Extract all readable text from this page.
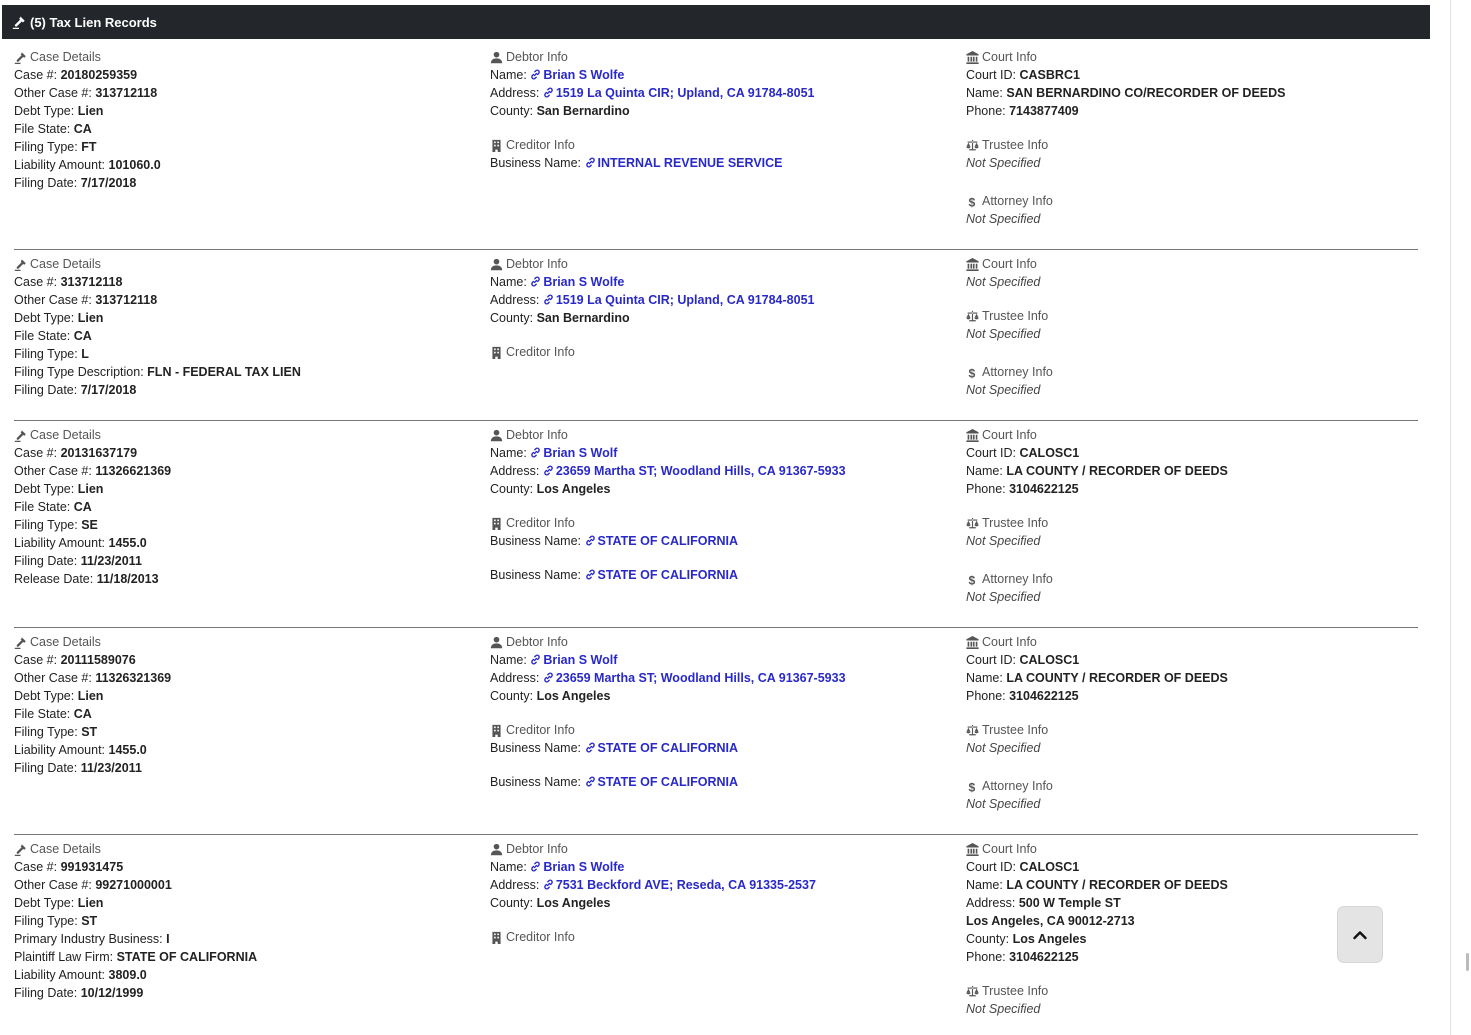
(5) Tax Lien Records
Case Details
Case #: 20180259359
Other Case #: 313712118
Debt Type: Lien
File State: CA
Filing Type: FT
Liability Amount: 101060.0
Filing Date: 7/17/2018
Debtor Info
Name: Brian S Wolfe
Address: 1519 La Quinta CIR; Upland, CA 91784-8051
County: San Bernardino
Creditor Info
Business Name: INTERNAL REVENUE SERVICE
Court Info
Court ID: CASBRC1
Name: SAN BERNARDINO CO/RECORDER OF DEEDS
Phone: 7143877409
Trustee Info
Not Specified
$ Attorney Info
Not Specified
Case Details
Case #: 313712118
Other Case #: 313712118
Debt Type: Lien
File State: CA
Filing Type: L
Filing Type Description: FLN - FEDERAL TAX LIEN
Filing Date: 7/17/2018
Debtor Info
Name: Brian S Wolfe
Address: 1519 La Quinta CIR; Upland, CA 91784-8051
County: San Bernardino
Creditor Info
Court Info
Not Specified
Trustee Info
Not Specified
$ Attorney Info
Not Specified
Case Details
Case #: 20131637179
Other Case #: 11326621369
Debt Type: Lien
File State: CA
Filing Type: SE
Liability Amount: 1455.0
Filing Date: 11/23/2011
Release Date: 11/18/2013
Debtor Info
Name: Brian S Wolf
Address: 23659 Martha ST; Woodland Hills, CA 91367-5933
County: Los Angeles
Creditor Info
Business Name: STATE OF CALIFORNIA
Business Name: STATE OF CALIFORNIA
Court Info
Court ID: CALOSC1
Name: LA COUNTY / RECORDER OF DEEDS
Phone: 3104622125
Trustee Info
Not Specified
$ Attorney Info
Not Specified
Case Details
Case #: 20111589076
Other Case #: 11326321369
Debt Type: Lien
File State: CA
Filing Type: ST
Liability Amount: 1455.0
Filing Date: 11/23/2011
Debtor Info
Name: Brian S Wolf
Address: 23659 Martha ST; Woodland Hills, CA 91367-5933
County: Los Angeles
Creditor Info
Business Name: STATE OF CALIFORNIA
Business Name: STATE OF CALIFORNIA
Court Info
Court ID: CALOSC1
Name: LA COUNTY / RECORDER OF DEEDS
Phone: 3104622125
Trustee Info
Not Specified
$ Attorney Info
Not Specified
Case Details
Case #: 991931475
Other Case #: 99271000001
Debt Type: Lien
Filing Type: ST
Primary Industry Business: I
Plaintiff Law Firm: STATE OF CALIFORNIA
Liability Amount: 3809.0
Filing Date: 10/12/1999
Debtor Info
Name: Brian S Wolfe
Address: 7531 Beckford AVE; Reseda, CA 91335-2537
County: Los Angeles
Creditor Info
Court Info
Court ID: CALOSC1
Name: LA COUNTY / RECORDER OF DEEDS
Address: 500 W Temple ST
Los Angeles, CA 90012-2713
County: Los Angeles
Phone: 3104622125
Trustee Info
Not Specified
